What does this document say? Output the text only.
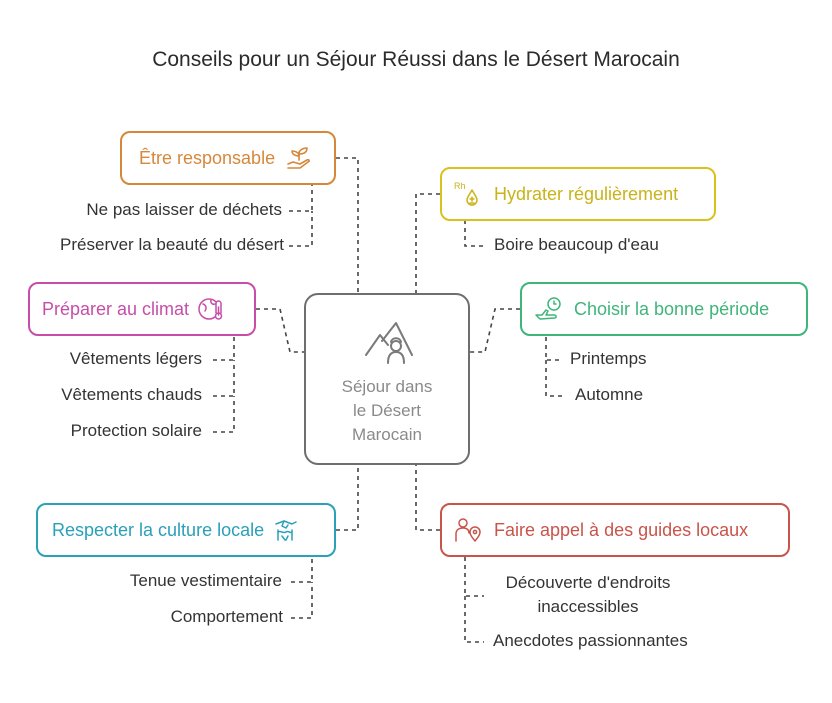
Conseils pour un Séjour Réussi dans le Désert Marocain
Séjour dans
le Désert
Marocain
Être responsable
Ne pas laisser de déchets
Préserver la beauté du désert
Rh Hydrater régulièrement
Boire beaucoup d'eau
Préparer au climat
Vêtements légers
Vêtements chauds
Protection solaire
Choisir la bonne période
Printemps
Automne
Respecter la culture locale
Tenue vestimentaire
Comportement
Faire appel à des guides locaux
Découverte d'endroits
inaccessibles
Anecdotes passionnantes
